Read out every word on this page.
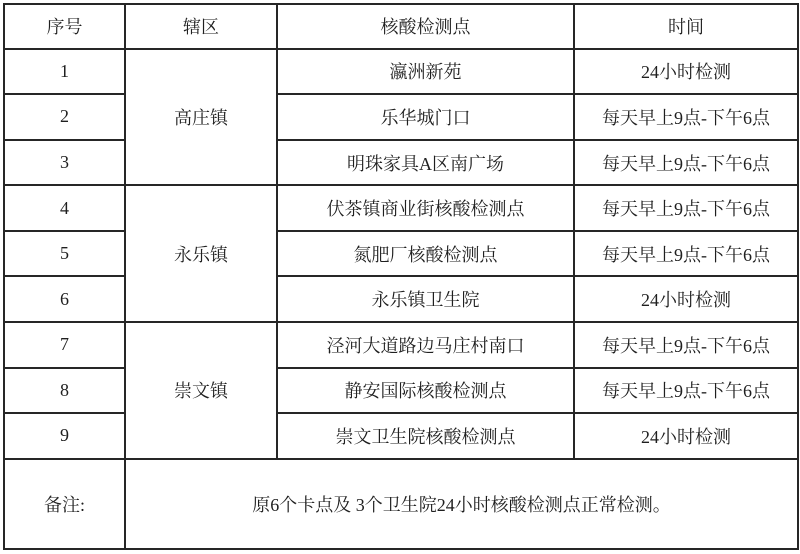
序号	辖区	核酸检测点	时间
1	高庄镇	瀛洲新苑	24小时检测
2		乐华城门口	每天早上9点-下午6点
3		明珠家具A区南广场	每天早上9点-下午6点
4	永乐镇	伏茶镇商业街核酸检测点	每天早上9点-下午6点
5		氮肥厂核酸检测点	每天早上9点-下午6点
6		永乐镇卫生院	24小时检测
7	崇文镇	泾河大道路边马庄村南口	每天早上9点-下午6点
8		静安国际核酸检测点	每天早上9点-下午6点
9		崇文卫生院核酸检测点	24小时检测
备注:	原6个卡点及 3个卫生院24小时核酸检测点正常检测。		
